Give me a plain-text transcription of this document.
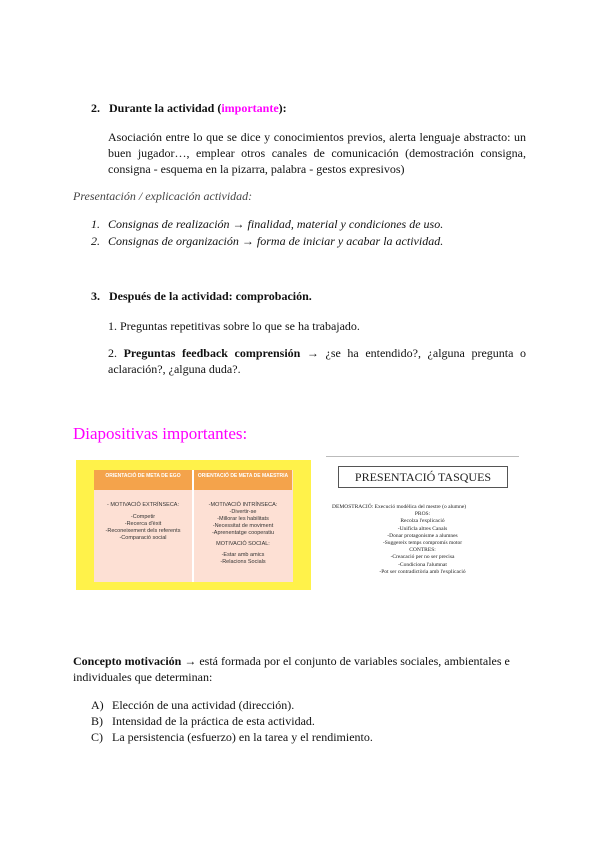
2. Durante la actividad (importante):
Asociación entre lo que se dice y conocimientos previos, alerta lenguaje abstracto: un buen jugador…, emplear otros canales de comunicación (demostración consigna, consigna - esquema en la pizarra, palabra - gestos expresivos)
Presentación / explicación actividad:
1. Consignas de realización → finalidad, material y condiciones de uso.
2. Consignas de organización → forma de iniciar y acabar la actividad.
3. Después de la actividad: comprobación.
1. Preguntas repetitivas sobre lo que se ha trabajado.
2. Preguntas feedback comprensión → ¿se ha entendido?, ¿alguna pregunta o aclaración?, ¿alguna duda?.
Diapositivas importantes:
ORIENTACIÓ DE META DE EGO
- MOTIVACIÓ EXTRÍNSECA:
-Competir
-Recerca d'èxit
-Reconeixement dels referents
-Comparació social
ORIENTACIÓ DE META DE MAESTRIA
-MOTIVACIÓ INTRÍNSECA:
-Divertir-se
-Millorar les habilitats
-Necessitat de moviment
-Aprenentatge cooperatiu
MOTIVACIÓ SOCIAL:
-Estar amb amics
-Relacions Socials
PRESENTACIÓ TASQUES
DEMOSTRACIÓ: Execució modèlica del mestre (o alumne)
PROS:
Recolza l'explicació
-Unificla altres Canals
-Donar protagonisme a alumnes
-Suggereix temps compromís motor
CONTRES:
-Creacació per no ser precisa
-Condiciona l'alumnat
-Pot ser contradictòria amb l'explicació
Concepto motivación → está formada por el conjunto de variables sociales, ambientales e individuales que determinan:
A) Elección de una actividad (dirección).
B) Intensidad de la práctica de esta actividad.
C) La persistencia (esfuerzo) en la tarea y el rendimiento.
